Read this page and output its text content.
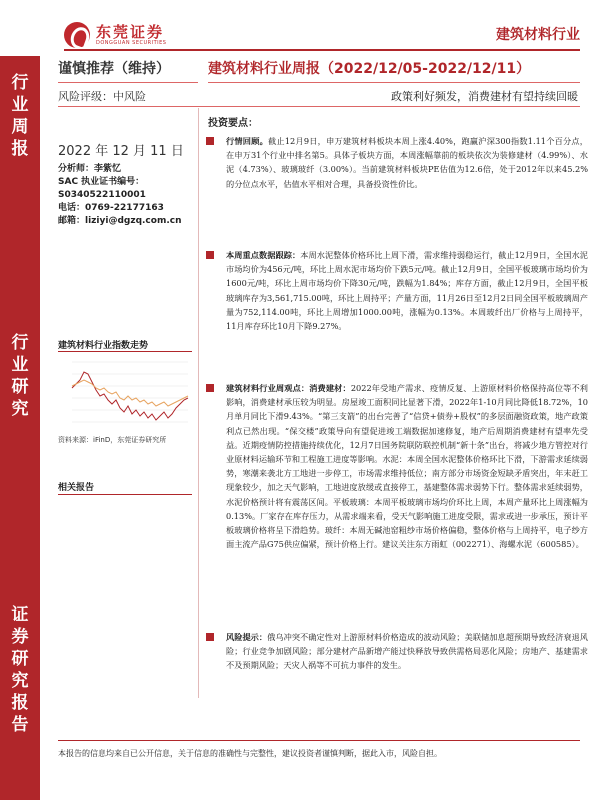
东莞证券
DONGGUAN SECURITIES	建筑材料行业
行
业
周
报
行
业
研
究
证
券
研
究
报
告
谨慎推荐（维持）
风险评级：中风险
建筑材料行业周报（2022/12/05-2022/12/11）
政策利好频发，消费建材有望持续回暖
2022 年 12 月 11 日
分析师：李紫忆
SAC 执业证书编号：
S0340522110001
电话：0769-22177163
邮箱：liziyi@dgzq.com.cn
建筑材料行业指数走势
资料来源：iFinD，东莞证券研究所
相关报告
投资要点：
行情回顾。截止12月9日，申万建筑材料板块本周上涨4.40%，跑赢沪深300指数1.11个百分点，在申万31个行业中排名第5。具体子板块方面，本周涨幅靠前的板块依次为装修建材（4.99%）、水泥（4.73%）、玻璃玻纤（3.00%）。当前建筑材料板块PE估值为12.6倍，处于2012年以来45.2%的分位点水平，估值水平相对合理，具备投资性价比。
本周重点数据跟踪：本周水泥整体价格环比上周下滑，需求维持弱稳运行，截止12月9日，全国水泥市场均价为456元/吨，环比上周水泥市场均价下跌5元/吨。截止12月9日，全国平板玻璃市场均价为1600元/吨，环比上周市场均价下降30元/吨，跌幅为1.84%；库存方面，截止12月9日，全国平板玻璃库存为3,561,715.00吨，环比上周持平；产量方面，11月26日至12月2日同全国平板玻璃周产量为752,114.00吨，环比上周增加1000.00吨，涨幅为0.13%。本周玻纤出厂价格与上周持平，11月库存环比10月下降9.27%。
建筑材料行业周观点：消费建材：2022年受地产需求、疫情反复、上游原材料价格保持高位等不利影响，消费建材承压较为明显。房屋竣工面积同比显著下滑，2022年1-10月同比降低18.72%，10月单月同比下滑9.43%。“第三支箭”的出台完善了“信贷+债券+股权”的多层面融资政策，地产政策利点已然出现。“保交楼”政策导向有望促进竣工端数据加速修复，地产后周期消费建材有望率先受益。近期疫情防控措施持续优化，12月7日国务院联防联控机制“新十条”出台，将减少地方管控对行业原材料运输环节和工程施工进度等影响。水泥：本周全国水泥整体价格环比下滑，下游需求延续弱势，寒潮来袭北方工地进一步停工，市场需求维持低位；南方部分市场资金短缺矛盾突出，年末赶工现象较少，加之天气影响，工地进度放缓或直接停工，基建整体需求弱势下行。整体需求延续弱势，水泥价格预计将有震荡区间。平板玻璃：本周平板玻璃市场均价环比上周，本周产量环比上周涨幅为0.13%。厂家存在库存压力，从需求端来看，受天气影响施工进度受限，需求或进一步承压，预计平板玻璃价格将呈下滑趋势。玻纤：本周无碱池窑粗纱市场价格偏稳，整体价格与上周持平，电子纱方面主流产品G75供应偏紧，预计价格上行。建议关注东方雨虹（002271）、海螺水泥（600585）。
风险提示：俄乌冲突不确定性对上游原材料价格造成的波动风险；美联储加息超预期导致经济衰退风险；行业竞争加剧风险；部分建材产品新增产能过快释放导致供需格局恶化风险；房地产、基建需求不及预期风险；天灾人祸等不可抗力事件的发生。
本报告的信息均来自已公开信息，关于信息的准确性与完整性，建议投资者谨慎判断，据此入市，风险自担。
